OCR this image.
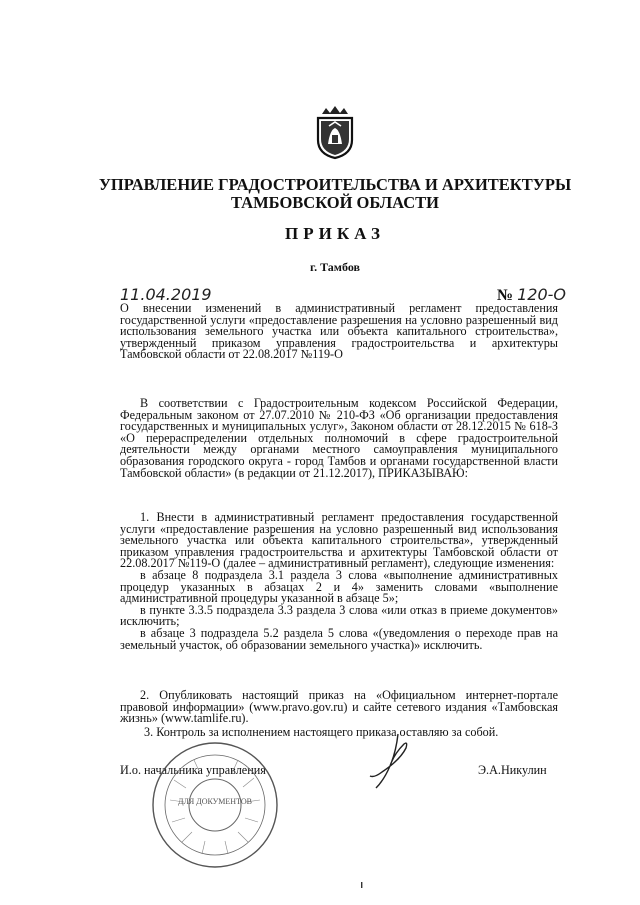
УПРАВЛЕНИЕ ГРАДОСТРОИТЕЛЬСТВА И АРХИТЕКТУРЫ
ТАМБОВСКОЙ ОБЛАСТИ
ПРИКАЗ
г. Тамбов
11.04.2019	№ 120-О

О внесении изменений в административный регламент предоставления государственной услуги «предоставление разрешения на условно разрешенный вид использования земельного участка или объекта капитального строительства», утвержденный приказом управления градостроительства и архитектуры Тамбовской области от 22.08.2017 №119-О

В соответствии с Градостроительным кодексом Российской Федерации, Федеральным законом от 27.07.2010 № 210-ФЗ «Об организации предоставления государственных и муниципальных услуг», Законом области от 28.12.2015 № 618-З «О перераспределении отдельных полномочий в сфере градостроительной деятельности между органами местного самоуправления муниципального образования городского округа - город Тамбов и органами государственной власти Тамбовской области» (в редакции от 21.12.2017), ПРИКАЗЫВАЮ:

1. Внести в административный регламент предоставления государственной услуги «предоставление разрешения на условно разрешенный вид использования земельного участка или объекта капитального строительства», утвержденный приказом управления градостроительства и архитектуры Тамбовской области от 22.08.2017 №119-О (далее – административный регламент), следующие изменения:

в абзаце 8 подраздела 3.1 раздела 3 слова «выполнение административных процедур указанных в абзацах 2 и 4» заменить словами «выполнение административной процедуры указанной в абзаце 5»;

в пункте 3.3.5 подраздела 3.3 раздела 3 слова «или отказ в приеме документов» исключить;

в абзаце 3 подраздела 5.2 раздела 5 слова «(уведомления о переходе прав на земельный участок, об образовании земельного участка)» исключить.

2. Опубликовать настоящий приказ на «Официальном интернет-портале правовой информации» (www.pravo.gov.ru) и сайте сетевого издания «Тамбовская жизнь» (www.tamlife.ru).

3. Контроль за исполнением настоящего приказа оставляю за собой.

И.о. начальника управления	Э.А.Никулин
ДЛЯ ДОКУМЕНТОВ
